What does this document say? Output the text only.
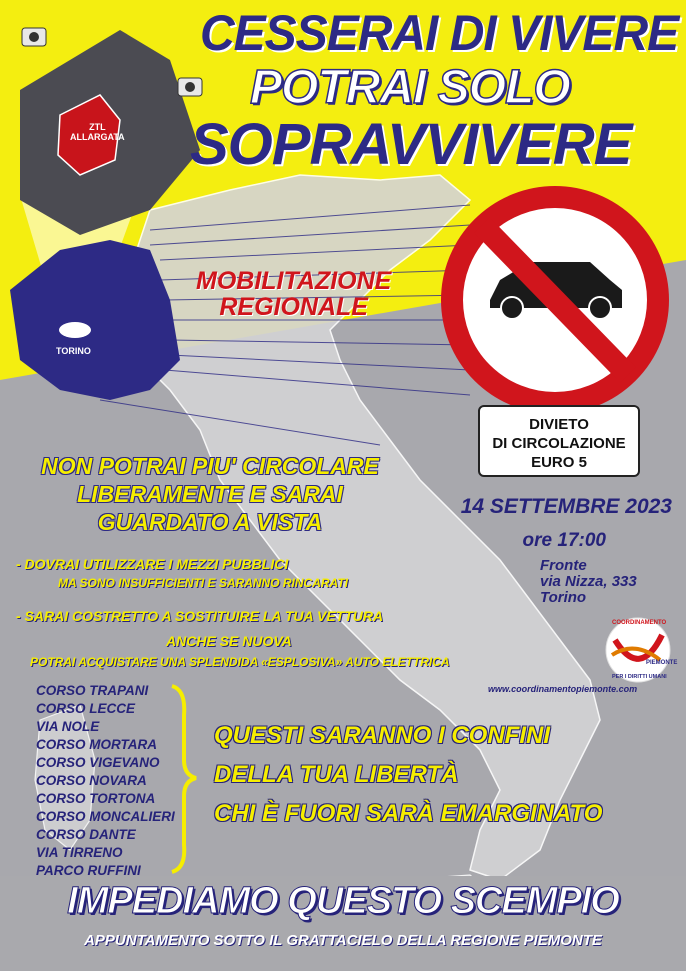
CESSERAI DI VIVERE
POTRAI SOLO
SOPRAVVIVERE
ZTL
ALLARGATA
TORINO
MOBILITAZIONE
REGIONALE
DIVIETO
DI CIRCOLAZIONE
EURO 5
NON POTRAI PIU' CIRCOLARE
LIBERAMENTE E SARAI
GUARDATO A VISTA
14 SETTEMBRE 2023
ore 17:00
Fronte
via Nizza, 333
Torino
- DOVRAI UTILIZZARE I MEZZI PUBBLICI
MA SONO INSUFFICIENTI E SARANNO RINCARATI
- SARAI COSTRETTO A SOSTITUIRE LA TUA VETTURA
ANCHE SE NUOVA
POTRAI ACQUISTARE UNA SPLENDIDA «ESPLOSIVA» AUTO ELETTRICA
COORDINAMENTO
PIEMONTE
PER I DIRITTI UMANI
www.coordinamentopiemonte.com
CORSO TRAPANI
CORSO LECCE
VIA NOLE
CORSO MORTARA
CORSO VIGEVANO
CORSO NOVARA
CORSO TORTONA
CORSO MONCALIERI
CORSO DANTE
VIA TIRRENO
PARCO RUFFINI
QUESTI SARANNO I CONFINI
DELLA TUA LIBERTÀ
CHI È FUORI SARÀ EMARGINATO
IMPEDIAMO QUESTO SCEMPIO
APPUNTAMENTO SOTTO IL GRATTACIELO DELLA REGIONE PIEMONTE
